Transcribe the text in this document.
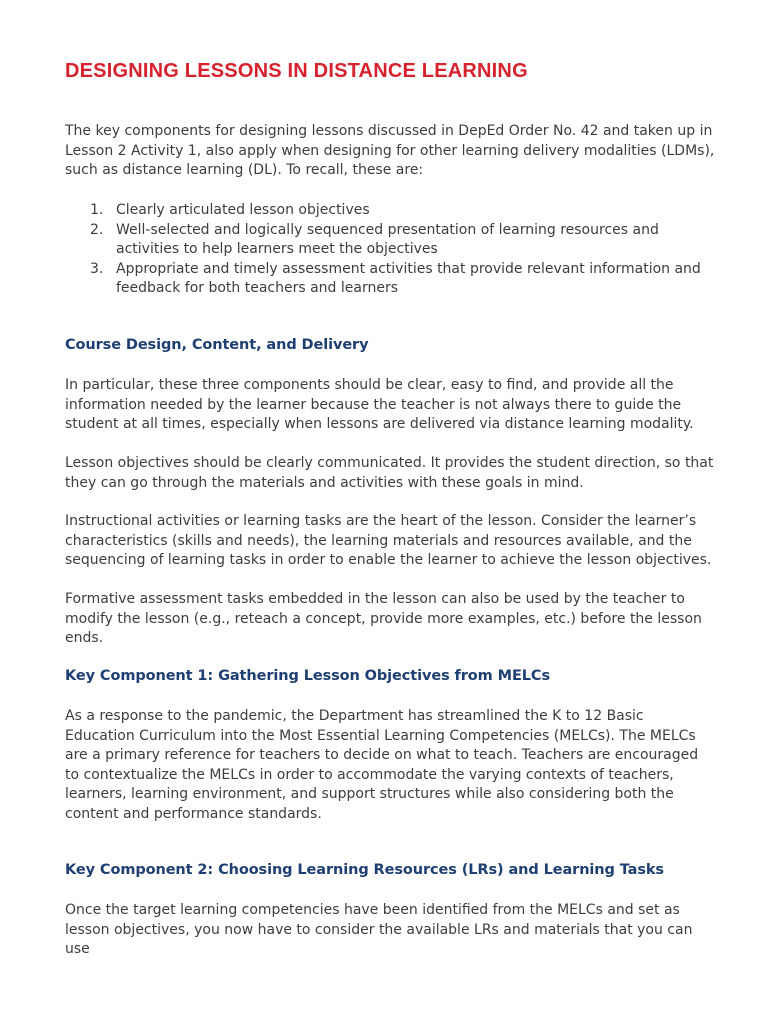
DESIGNING LESSONS IN DISTANCE LEARNING

The key components for designing lessons discussed in DepEd Order No. 42 and taken up in Lesson 2 Activity 1, also apply when designing for other learning delivery modalities (LDMs), such as distance learning (DL). To recall, these are:

1. Clearly articulated lesson objectives
2. Well-selected and logically sequenced presentation of learning resources and activities to help learners meet the objectives
3. Appropriate and timely assessment activities that provide relevant information and feedback for both teachers and learners
Course Design, Content, and Delivery

In particular, these three components should be clear, easy to find, and provide all the information needed by the learner because the teacher is not always there to guide the student at all times, especially when lessons are delivered via distance learning modality.

Lesson objectives should be clearly communicated. It provides the student direction, so that they can go through the materials and activities with these goals in mind.

Instructional activities or learning tasks are the heart of the lesson. Consider the learner’s characteristics (skills and needs), the learning materials and resources available, and the sequencing of learning tasks in order to enable the learner to achieve the lesson objectives.

Formative assessment tasks embedded in the lesson can also be used by the teacher to modify the lesson (e.g., reteach a concept, provide more examples, etc.) before the lesson ends.

Key Component 1: Gathering Lesson Objectives from MELCs

As a response to the pandemic, the Department has streamlined the K to 12 Basic Education Curriculum into the Most Essential Learning Competencies (MELCs). The MELCs are a primary reference for teachers to decide on what to teach. Teachers are encouraged to contextualize the MELCs in order to accommodate the varying contexts of teachers, learners, learning environment, and support structures while also considering both the content and performance standards.

Key Component 2: Choosing Learning Resources (LRs) and Learning Tasks

Once the target learning competencies have been identified from the MELCs and set as lesson objectives, you now have to consider the available LRs and materials that you can use
